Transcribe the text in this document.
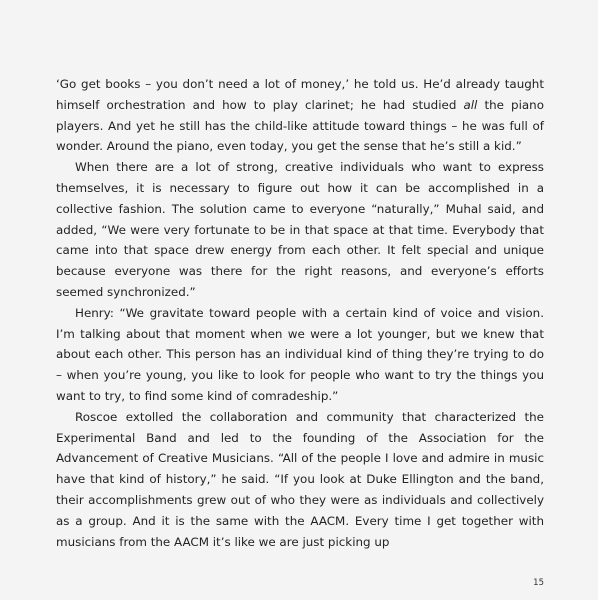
‘Go get books – you don’t need a lot of money,’ he told us. He’d already taught himself orchestration and how to play clarinet; he had studied all the piano players. And yet he still has the child-like attitude toward things – he was full of wonder. Around the piano, even today, you get the sense that he’s still a kid.”

When there are a lot of strong, creative individuals who want to express themselves, it is necessary to figure out how it can be accomplished in a collective fashion. The solution came to everyone “naturally,” Muhal said, and added, “We were very fortunate to be in that space at that time. Everybody that came into that space drew energy from each other. It felt special and unique because everyone was there for the right reasons, and everyone’s efforts seemed synchronized.”

Henry: “We gravitate toward people with a certain kind of voice and vision. I’m talking about that moment when we were a lot younger, but we knew that about each other. This person has an individual kind of thing they’re trying to do – when you’re young, you like to look for people who want to try the things you want to try, to find some kind of comradeship.”

Roscoe extolled the collaboration and community that characterized the Experimental Band and led to the founding of the Association for the Advancement of Creative Musicians. “All of the people I love and admire in music have that kind of history,” he said. “If you look at Duke Ellington and the band, their accomplishments grew out of who they were as individuals and collectively as a group. And it is the same with the AACM. Every time I get together with musicians from the AACM it’s like we are just picking up

15
